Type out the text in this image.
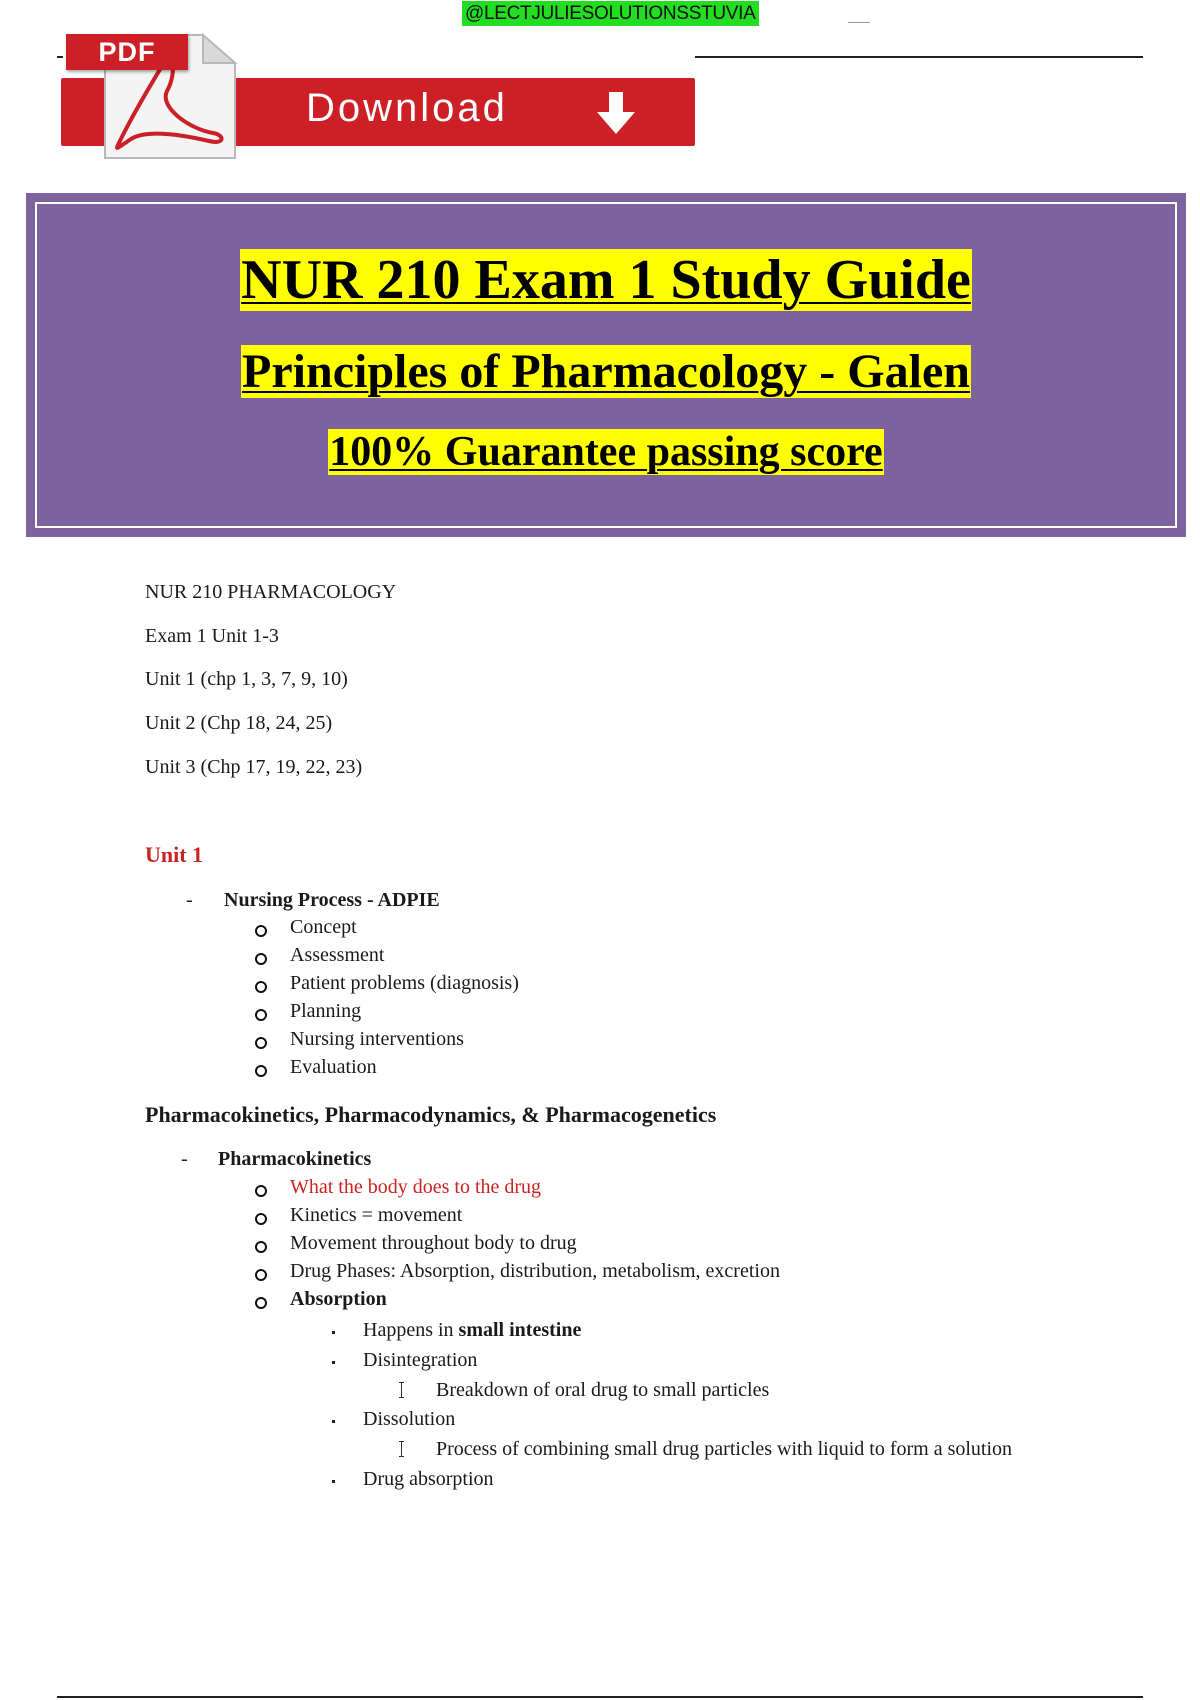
@LECTJULIESOLUTIONSSTUVIA
Download
PDF
NUR 210 Exam 1 Study Guide
Principles of Pharmacology - Galen
100% Guarantee passing score
NUR 210 PHARMACOLOGY
Exam 1 Unit 1-3
Unit 1 (chp 1, 3, 7, 9, 10)
Unit 2 (Chp 18, 24, 25)
Unit 3 (Chp 17, 19, 22, 23)
Unit 1
- Nursing Process - ADPIE
Concept
Assessment
Patient problems (diagnosis)
Planning
Nursing interventions
Evaluation
Pharmacokinetics, Pharmacodynamics, & Pharmacogenetics
- Pharmacokinetics
What the body does to the drug
Kinetics = movement
Movement throughout body to drug
Drug Phases: Absorption, distribution, metabolism, excretion
Absorption
Happens in small intestine
Disintegration
Breakdown of oral drug to small particles
Dissolution
Process of combining small drug particles with liquid to form a solution
Drug absorption
